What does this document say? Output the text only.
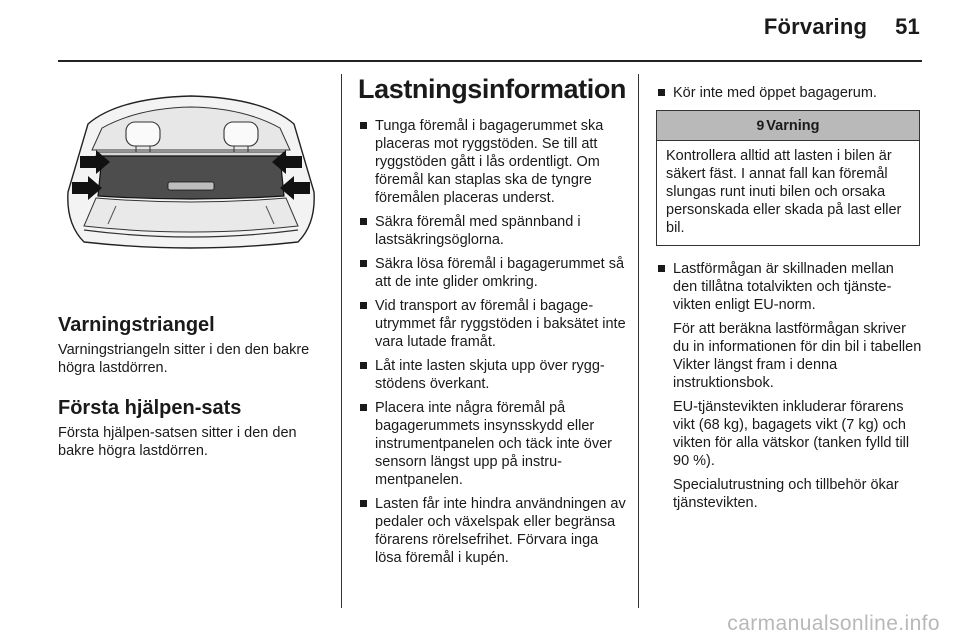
Förvaring 51
Varningstriangel

Varningstriangeln sitter i den den bakre högra lastdörren.

Första hjälpen-sats

Första hjälpen-satsen sitter i den den bakre högra lastdörren.

Lastningsinformation
Tunga föremål i bagagerummet ska placeras mot ryggstöden. Se till att ryggstöden gått i lås ordentligt. Om föremål kan staplas ska de tyngre föremålen placeras underst.
Säkra föremål med spännband i lastsäkringsöglorna.
Säkra lösa föremål i bagagerummet så att de inte glider omkring.
Vid transport av föremål i bagageutrymmet får ryggstöden i baksätet inte vara lutade framåt.
Låt inte lasten skjuta upp över ryggstödens överkant.
Placera inte några föremål på bagagerummets insynsskydd eller instrumentpanelen och täck inte över sensorn längst upp på instrumentpanelen.
Lasten får inte hindra användningen av pedaler och växelspak eller begränsa förarens rörelsefrihet. Förvara inga lösa föremål i kupén.
Kör inte med öppet bagagerum.
9 Varning
Kontrollera alltid att lasten i bilen är säkert fäst. I annat fall kan föremål slungas runt inuti bilen och orsaka personskada eller skada på last eller bil.
Lastförmågan är skillnaden mellan den tillåtna totalvikten och tjänstevikten enligt EU-norm.

För att beräkna lastförmågan skriver du in informationen för din bil i tabellen Vikter längst fram i denna instruktionsbok.

EU-tjänstevikten inkluderar förarens vikt (68 kg), bagagets vikt (7 kg) och vikten för alla vätskor (tanken fylld till 90 %).

Specialutrustning och tillbehör ökar tjänstevikten.

carmanualsonline.info
